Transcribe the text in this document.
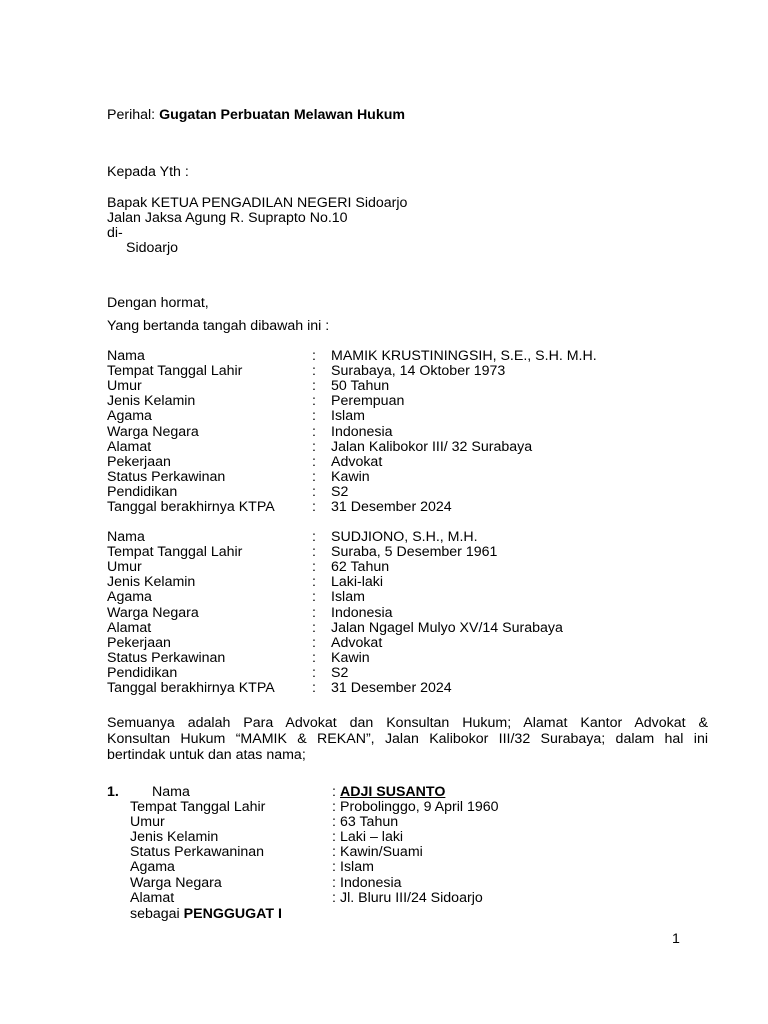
Perihal: Gugatan Perbuatan Melawan Hukum
Kepada Yth :
Bapak KETUA PENGADILAN NEGERI Sidoarjo
Jalan Jaksa Agung R. Suprapto No.10
di-
Sidoarjo
Dengan hormat,
Yang bertanda tangah dibawah ini :
Nama	: MAMIK KRUSTININGSIH, S.E., S.H. M.H.
Tempat Tanggal Lahir	: Surabaya, 14 Oktober 1973
Umur	: 50 Tahun
Jenis Kelamin	: Perempuan
Agama	: Islam
Warga Negara	: Indonesia
Alamat	: Jalan Kalibokor III/ 32 Surabaya
Pekerjaan	: Advokat
Status Perkawinan	: Kawin
Pendidikan	: S2
Tanggal berakhirnya KTPA	: 31 Desember 2024
Nama	: SUDJIONO, S.H., M.H.
Tempat Tanggal Lahir	: Suraba, 5 Desember 1961
Umur	: 62 Tahun
Jenis Kelamin	: Laki-laki
Agama	: Islam
Warga Negara	: Indonesia
Alamat	: Jalan Ngagel Mulyo XV/14 Surabaya
Pekerjaan	: Advokat
Status Perkawinan	: Kawin
Pendidikan	: S2
Tanggal berakhirnya KTPA	: 31 Desember 2024
Semuanya adalah Para Advokat dan Konsultan Hukum; Alamat Kantor Advokat &
Konsultan Hukum “MAMIK & REKAN”, Jalan Kalibokor III/32 Surabaya; dalam hal ini
bertindak untuk dan atas nama;
1. Nama	: ADJI SUSANTO
Tempat Tanggal Lahir	: Probolinggo, 9 April 1960
Umur	: 63 Tahun
Jenis Kelamin	: Laki – laki
Status Perkawaninan	: Kawin/Suami
Agama	: Islam
Warga Negara	: Indonesia
Alamat	: Jl. Bluru III/24 Sidoarjo
sebagai PENGGUGAT I
1
